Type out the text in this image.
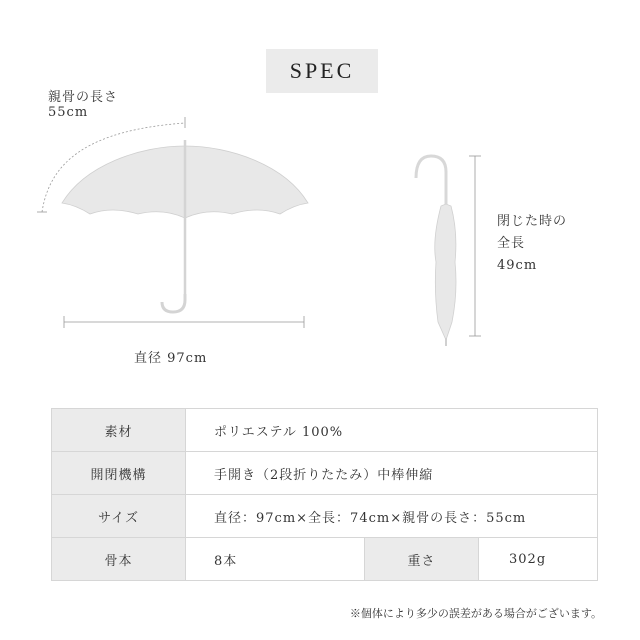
SPEC
親骨の長さ
55cm
直径 97cm
閉じた時の
全長
49cm
素材	ポリエステル 100%		
開閉機構	手開き（2段折りたたみ）中棒伸縮		
サイズ	直径：97cm×全長：74cm×親骨の長さ：55cm		
骨本	8本	重さ	302g
※個体により多少の誤差がある場合がございます。
